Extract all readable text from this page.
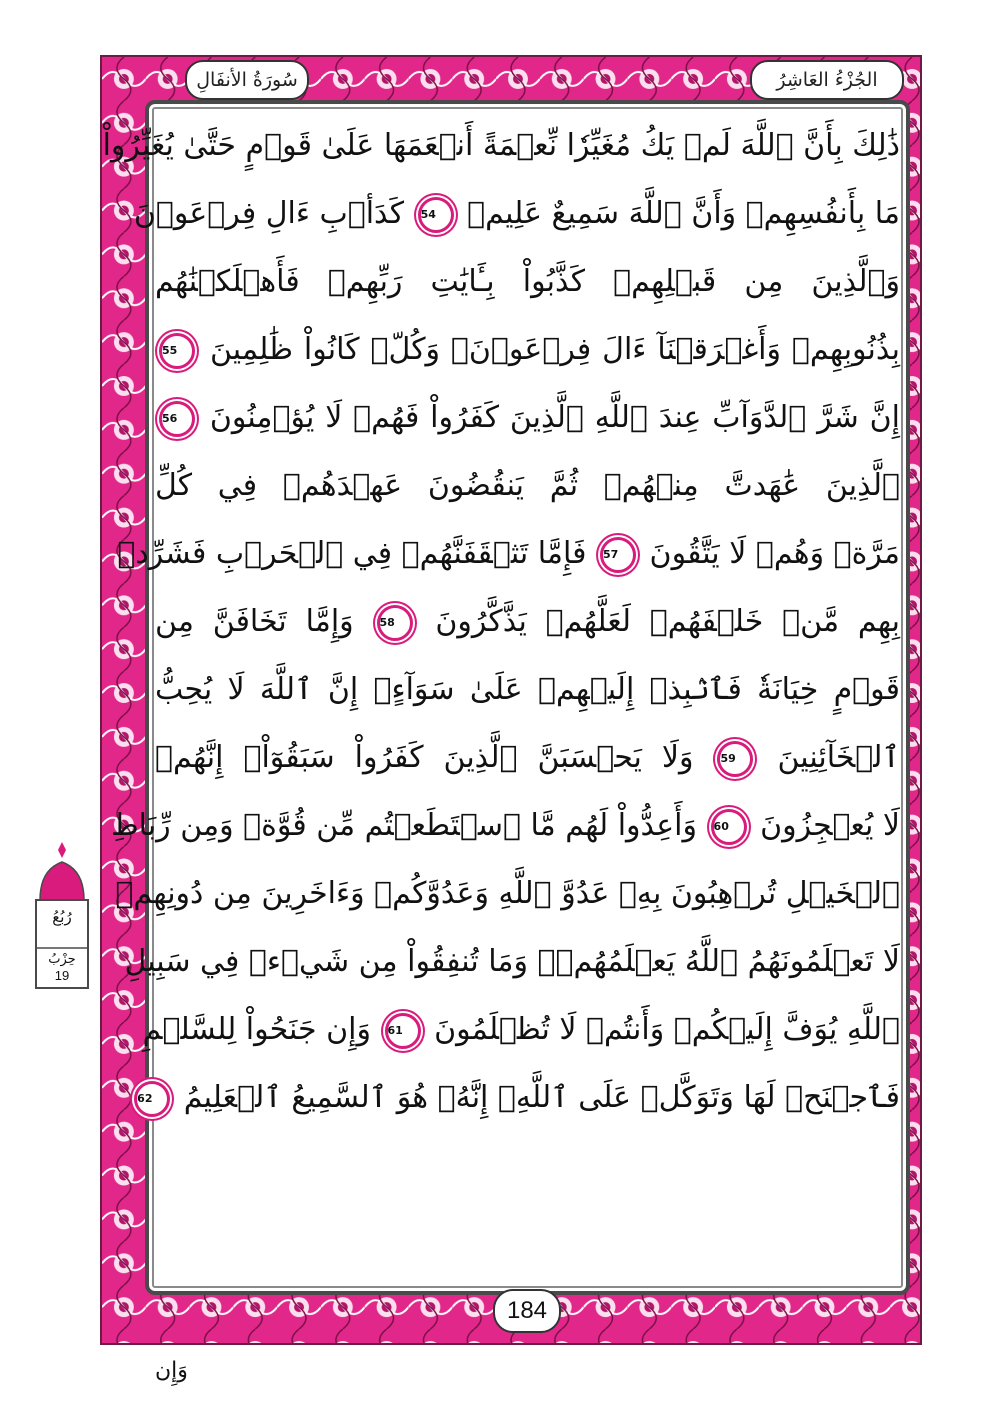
الجُزْءُ العَاشِرُ
سُورَةُ الأنفَالِ
ذَٰلِكَ بِأَنَّ ٱللَّهَ لَمۡ يَكُ مُغَيِّرٗا نِّعۡمَةً أَنۡعَمَهَا عَلَىٰ قَوۡمٍ حَتَّىٰ يُغَيِّرُواْ
مَا بِأَنفُسِهِمۡ وَأَنَّ ٱللَّهَ سَمِيعٌ عَلِيمٞ 54 كَدَأۡبِ ءَالِ فِرۡعَوۡنَ
وَٱلَّذِينَ مِن قَبۡلِهِمۡ كَذَّبُواْ بِـَٔايَٰتِ رَبِّهِمۡ فَأَهۡلَكۡنَٰهُم
بِذُنُوبِهِمۡ وَأَغۡرَقۡنَآ ءَالَ فِرۡعَوۡنَۚ وَكُلّٞ كَانُواْ ظَٰلِمِينَ 55
إِنَّ شَرَّ ٱلدَّوَآبِّ عِندَ ٱللَّهِ ٱلَّذِينَ كَفَرُواْ فَهُمۡ لَا يُؤۡمِنُونَ 56
ٱلَّذِينَ عَٰهَدتَّ مِنۡهُمۡ ثُمَّ يَنقُضُونَ عَهۡدَهُمۡ فِي كُلِّ
مَرَّةٖ وَهُمۡ لَا يَتَّقُونَ 57 فَإِمَّا تَثۡقَفَنَّهُمۡ فِي ٱلۡحَرۡبِ فَشَرِّدۡ
بِهِم مَّنۡ خَلۡفَهُمۡ لَعَلَّهُمۡ يَذَّكَّرُونَ 58 وَإِمَّا تَخَافَنَّ مِن
قَوۡمٍ خِيَانَةٗ فَٱنۢبِذۡ إِلَيۡهِمۡ عَلَىٰ سَوَآءٍۚ إِنَّ ٱللَّهَ لَا يُحِبُّ
ٱلۡخَآئِنِينَ 59 وَلَا يَحۡسَبَنَّ ٱلَّذِينَ كَفَرُواْ سَبَقُوٓاْۚ إِنَّهُمۡ
لَا يُعۡجِزُونَ 60 وَأَعِدُّواْ لَهُم مَّا ٱسۡتَطَعۡتُم مِّن قُوَّةٖ وَمِن رِّبَاطِ
ٱلۡخَيۡلِ تُرۡهِبُونَ بِهِۦ عَدُوَّ ٱللَّهِ وَعَدُوَّكُمۡ وَءَاخَرِينَ مِن دُونِهِمۡ
لَا تَعۡلَمُونَهُمُ ٱللَّهُ يَعۡلَمُهُمۡۚ وَمَا تُنفِقُواْ مِن شَيۡءٖ فِي سَبِيلِ
ٱللَّهِ يُوَفَّ إِلَيۡكُمۡ وَأَنتُمۡ لَا تُظۡلَمُونَ 61 وَإِن جَنَحُواْ لِلسَّلۡمِ
فَٱجۡنَحۡ لَهَا وَتَوَكَّلۡ عَلَى ٱللَّهِۚ إِنَّهُۥ هُوَ ٱلسَّمِيعُ ٱلۡعَلِيمُ 62
184
وَإِن
رُبُعُ
حِزْبُ
19
